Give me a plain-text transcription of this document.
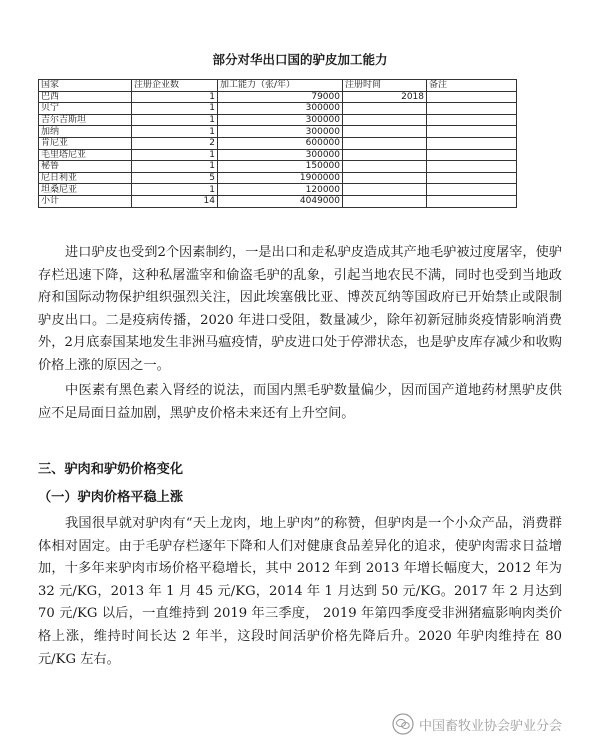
部分对华出口国的驴皮加工能力
国家	注册企业数	加工能力（张/年）	注册时间	备注
巴西	1	79000	2018	
贝宁	1	300000		
吉尔吉斯坦	1	300000		
加纳	1	300000		
肯尼亚	2	600000		
毛里塔尼亚	1	300000		
秘鲁	1	150000		
尼日利亚	5	1900000		
坦桑尼亚	1	120000		
小计	14	4049000		

进口驴皮也受到2个因素制约，一是出口和走私驴皮造成其产地毛驴被过度屠宰，使驴存栏迅速下降，这种私屠滥宰和偷盗毛驴的乱象，引起当地农民不满，同时也受到当地政府和国际动物保护组织强烈关注，因此埃塞俄比亚、博茨瓦纳等国政府已开始禁止或限制驴皮出口。二是疫病传播，2020 年进口受阻，数量减少，除年初新冠肺炎疫情影响消费外，2月底泰国某地发生非洲马瘟疫情，驴皮进口处于停滞状态，也是驴皮库存减少和收购价格上涨的原因之一。

中医素有黑色素入肾经的说法，而国内黑毛驴数量偏少，因而国产道地药材黑驴皮供应不足局面日益加剧，黑驴皮价格未来还有上升空间。

三、驴肉和驴奶价格变化
（一）驴肉价格平稳上涨

我国很早就对驴肉有“天上龙肉，地上驴肉”的称赞，但驴肉是一个小众产品，消费群体相对固定。由于毛驴存栏逐年下降和人们对健康食品差异化的追求，使驴肉需求日益增加，十多年来驴肉市场价格平稳增长，其中 2012 年到 2013 年增长幅度大，2012 年为 32 元/KG，2013 年 1 月 45 元/KG，2014 年 1 月达到 50 元/KG。2017 年 2 月达到 70 元/KG 以后，一直维持到 2019 年三季度， 2019 年第四季度受非洲猪瘟影响肉类价格上涨，维持时间长达 2 年半，这段时间活驴价格先降后升。2020 年驴肉维持在 80 元/KG 左右。

中国畜牧业协会驴业分会
